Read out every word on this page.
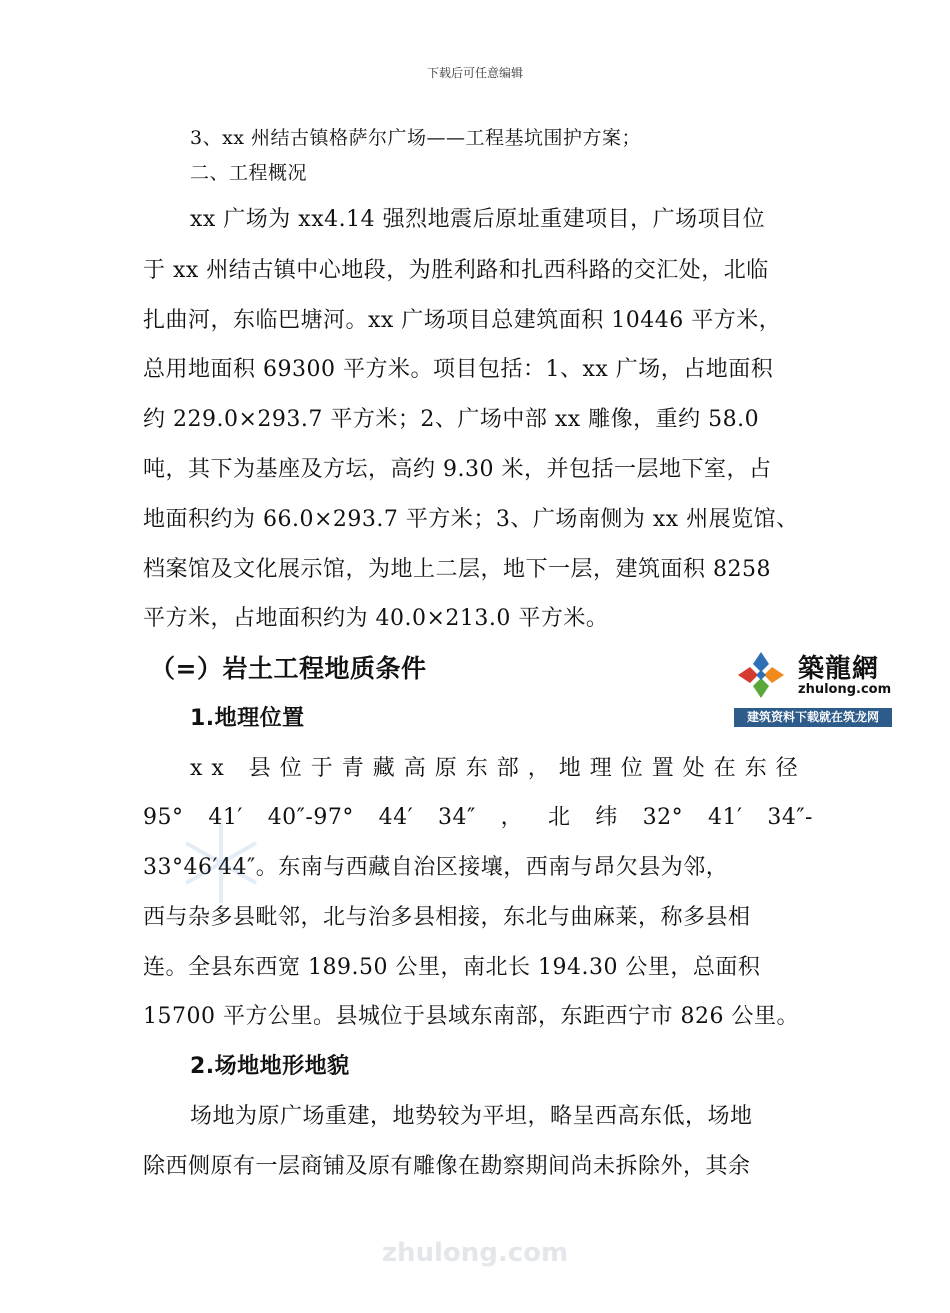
下载后可任意编辑
3、xx 州结古镇格萨尔广场——工程基坑围护方案；
二、工程概况
xx 广场为 xx4.14 强烈地震后原址重建项目，广场项目位
于 xx 州结古镇中心地段，为胜利路和扎西科路的交汇处，北临
扎曲河，东临巴塘河。xx 广场项目总建筑面积 10446 平方米，
总用地面积 69300 平方米。项目包括：1、xx 广场，占地面积
约 229.0×293.7 平方米；2、广场中部 xx 雕像，重约 58.0
吨，其下为基座及方坛，高约 9.30 米，并包括一层地下室，占
地面积约为 66.0×293.7 平方米；3、广场南侧为 xx 州展览馆、
档案馆及文化展示馆，为地上二层，地下一层，建筑面积 8258
平方米，占地面积约为 40.0×213.0 平方米。
（=）岩土工程地质条件	築龍網
zhulong.com
建筑资料下载就在筑龙网
1.地理位置
xx 县位于青藏高原东部，地理位置处在东径
95° 41′ 40″-97° 44′ 34″ ， 北 纬 32° 41′ 34″-
33°46′44″。东南与西藏自治区接壤，西南与昂欠县为邻，
西与杂多县毗邻，北与治多县相接，东北与曲麻莱，称多县相
连。全县东西宽 189.50 公里，南北长 194.30 公里，总面积
15700 平方公里。县城位于县域东南部，东距西宁市 826 公里。
2.场地地形地貌
场地为原广场重建，地势较为平坦，略呈西高东低，场地
除西侧原有一层商铺及原有雕像在勘察期间尚未拆除外，其余
zhulong.com
